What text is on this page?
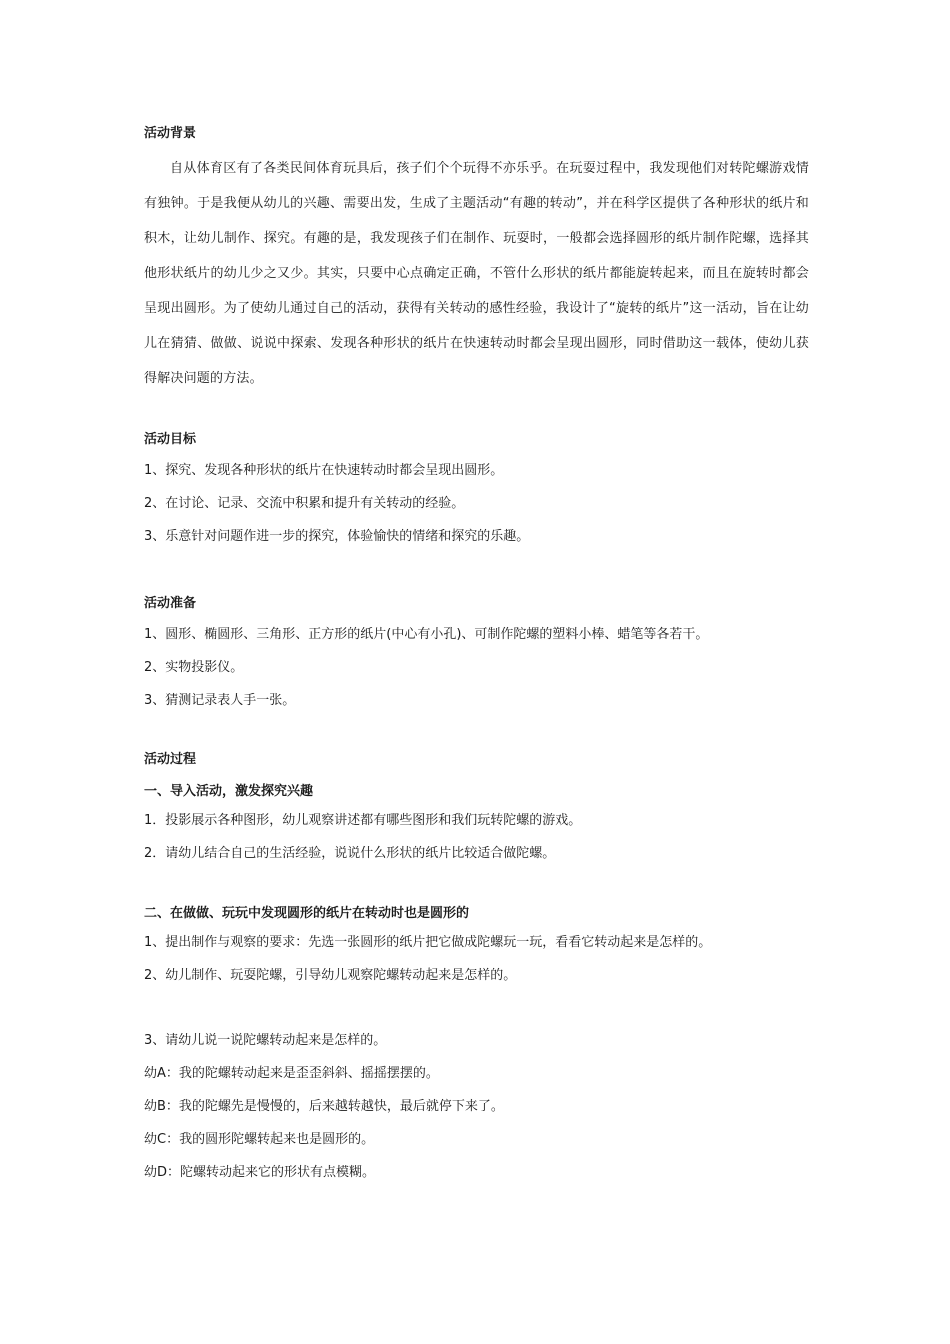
活动背景

自从体育区有了各类民间体育玩具后，孩子们个个玩得不亦乐乎。在玩耍过程中，我发现他们对转陀螺游戏情有独钟。于是我便从幼儿的兴趣、需要出发，生成了主题活动“有趣的转动”，并在科学区提供了各种形状的纸片和积木，让幼儿制作、探究。有趣的是，我发现孩子们在制作、玩耍时，一般都会选择圆形的纸片制作陀螺，选择其他形状纸片的幼儿少之又少。其实，只要中心点确定正确，不管什么形状的纸片都能旋转起来，而且在旋转时都会呈现出圆形。为了使幼儿通过自己的活动，获得有关转动的感性经验，我设计了“旋转的纸片”这一活动，旨在让幼儿在猜猜、做做、说说中探索、发现各种形状的纸片在快速转动时都会呈现出圆形，同时借助这一载体，使幼儿获得解决问题的方法。

活动目标

1、探究、发现各种形状的纸片在快速转动时都会呈现出圆形。

2、在讨论、记录、交流中积累和提升有关转动的经验。

3、乐意针对问题作进一步的探究，体验愉快的情绪和探究的乐趣。

活动准备

1、圆形、椭圆形、三角形、正方形的纸片(中心有小孔)、可制作陀螺的塑料小棒、蜡笔等各若干。

2、实物投影仪。

3、猜测记录表人手一张。

活动过程

一、导入活动，激发探究兴趣

1．投影展示各种图形，幼儿观察讲述都有哪些图形和我们玩转陀螺的游戏。

2．请幼儿结合自己的生活经验，说说什么形状的纸片比较适合做陀螺。

二、在做做、玩玩中发现圆形的纸片在转动时也是圆形的

1、提出制作与观察的要求：先选一张圆形的纸片把它做成陀螺玩一玩，看看它转动起来是怎样的。

2、幼儿制作、玩耍陀螺，引导幼儿观察陀螺转动起来是怎样的。

3、请幼儿说一说陀螺转动起来是怎样的。

幼A：我的陀螺转动起来是歪歪斜斜、摇摇摆摆的。

幼B：我的陀螺先是慢慢的，后来越转越快，最后就停下来了。

幼C：我的圆形陀螺转起来也是圆形的。

幼D：陀螺转动起来它的形状有点模糊。
